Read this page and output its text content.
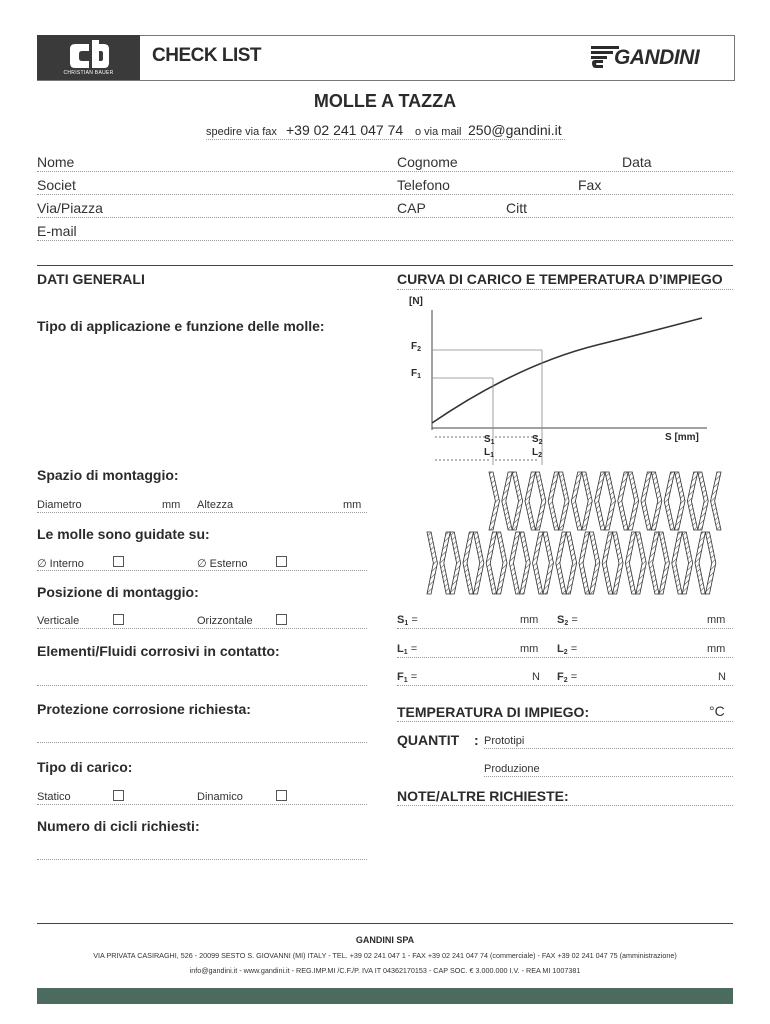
CHRISTIAN BAUER
CHECK LIST	GANDINI
MOLLE A TAZZA
spedire via fax +39 02 241 047 74 o via mail 250@gandini.it
Nome	Cognome	Data
Societ	Telefono	Fax
Via/Piazza	CAP	Citt
E-mail
DATI GENERALI
Tipo di applicazione e funzione delle molle:
Spazio di montaggio:
Diametro	mm Altezza	mm
Le molle sono guidate su:
∅ Interno	∅ Esterno
Posizione di montaggio:
Verticale	Orizzontale
Elementi/Fluidi corrosivi in contatto:
Protezione corrosione richiesta:
Tipo di carico:
Statico	Dinamico
Numero di cicli richiesti:
CURVA DI CARICO E TEMPERATURA D’IMPIEGO
[N]
$F_2$
$F_1$
$S_1$
$L_1$
$S_2$
$L_2$
S [mm]
$S_1$ =	mm $S_2$ =	mm
$L_1$ =	mm $L_2$ =	mm
$F_1$ =	N $F_2$ =	N
TEMPERATURA DI IMPIEGO:	°C
QUANTIT : Prototipi
Produzione
NOTE/ALTRE RICHIESTE:
GANDINI SPA
VIA PRIVATA CASIRAGHI, 526 - 20099 SESTO S. GIOVANNI (MI) ITALY - TEL. +39 02 241 047 1 - FAX +39 02 241 047 74 (commerciale) - FAX +39 02 241 047 75 (amministrazione)
info@gandini.it - www.gandini.it - REG.IMP.MI /C.F./P. IVA IT 04362170153 - CAP SOC. € 3.000.000 I.V. - REA MI 1007381
